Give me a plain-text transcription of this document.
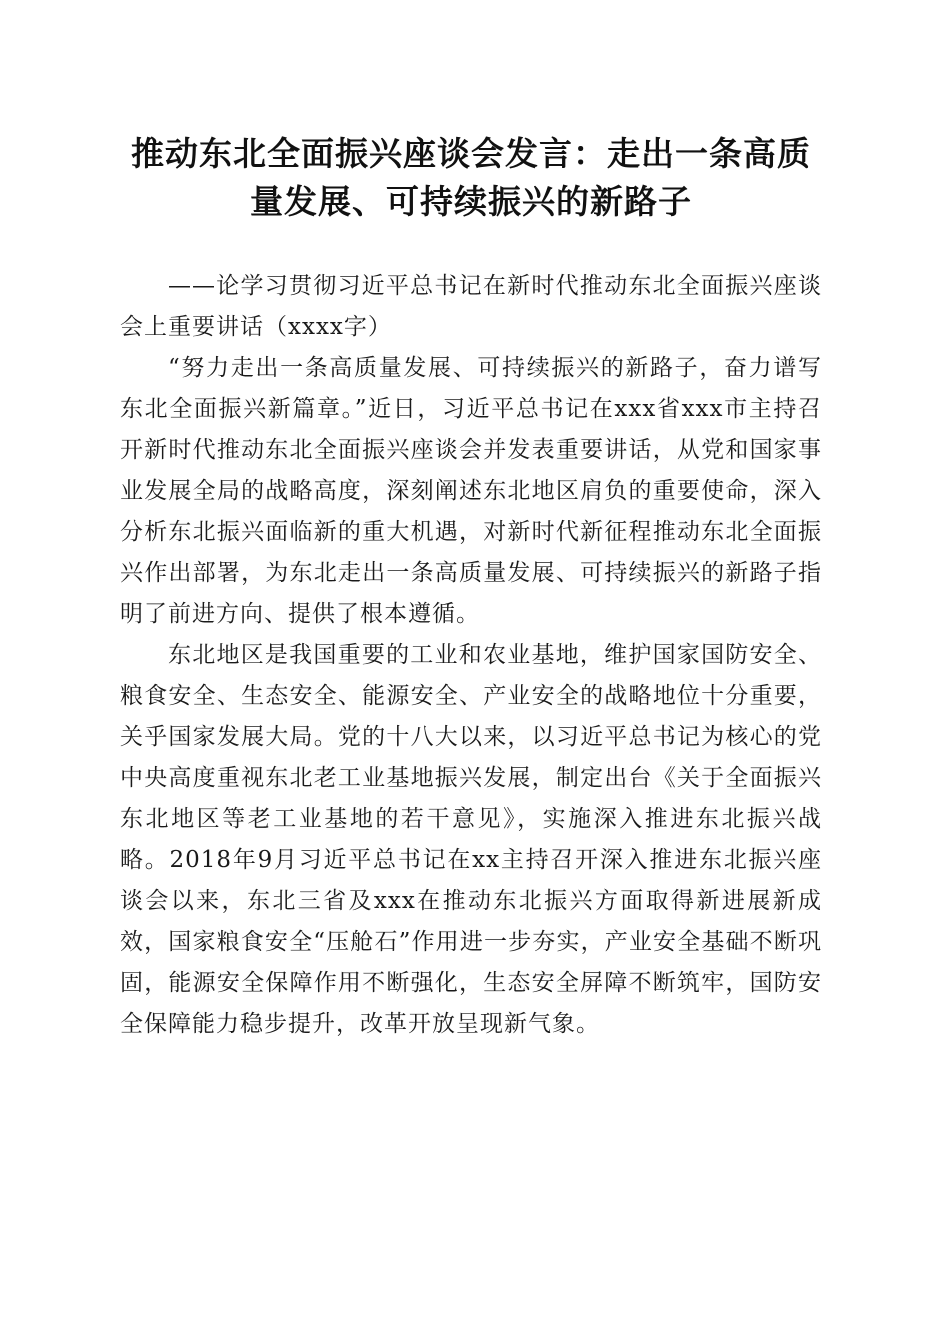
推动东北全面振兴座谈会发言：走出一条高质
量发展、可持续振兴的新路子

——论学习贯彻习近平总书记在新时代推动东北全面振兴座谈会上重要讲话（xxxx字）

“努力走出一条高质量发展、可持续振兴的新路子，奋力谱写东北全面振兴新篇章。”近日，习近平总书记在xxx省xxx市主持召开新时代推动东北全面振兴座谈会并发表重要讲话，从党和国家事业发展全局的战略高度，深刻阐述东北地区肩负的重要使命，深入分析东北振兴面临新的重大机遇，对新时代新征程推动东北全面振兴作出部署，为东北走出一条高质量发展、可持续振兴的新路子指明了前进方向、提供了根本遵循。

东北地区是我国重要的工业和农业基地，维护国家国防安全、粮食安全、生态安全、能源安全、产业安全的战略地位十分重要，关乎国家发展大局。党的十八大以来，以习近平总书记为核心的党中央高度重视东北老工业基地振兴发展，制定出台《关于全面振兴东北地区等老工业基地的若干意见》，实施深入推进东北振兴战略。2018年9月习近平总书记在xx主持召开深入推进东北振兴座谈会以来，东北三省及xxx在推动东北振兴方面取得新进展新成效，国家粮食安全“压舱石”作用进一步夯实，产业安全基础不断巩固，能源安全保障作用不断强化，生态安全屏障不断筑牢，国防安全保障能力稳步提升，改革开放呈现新气象。
